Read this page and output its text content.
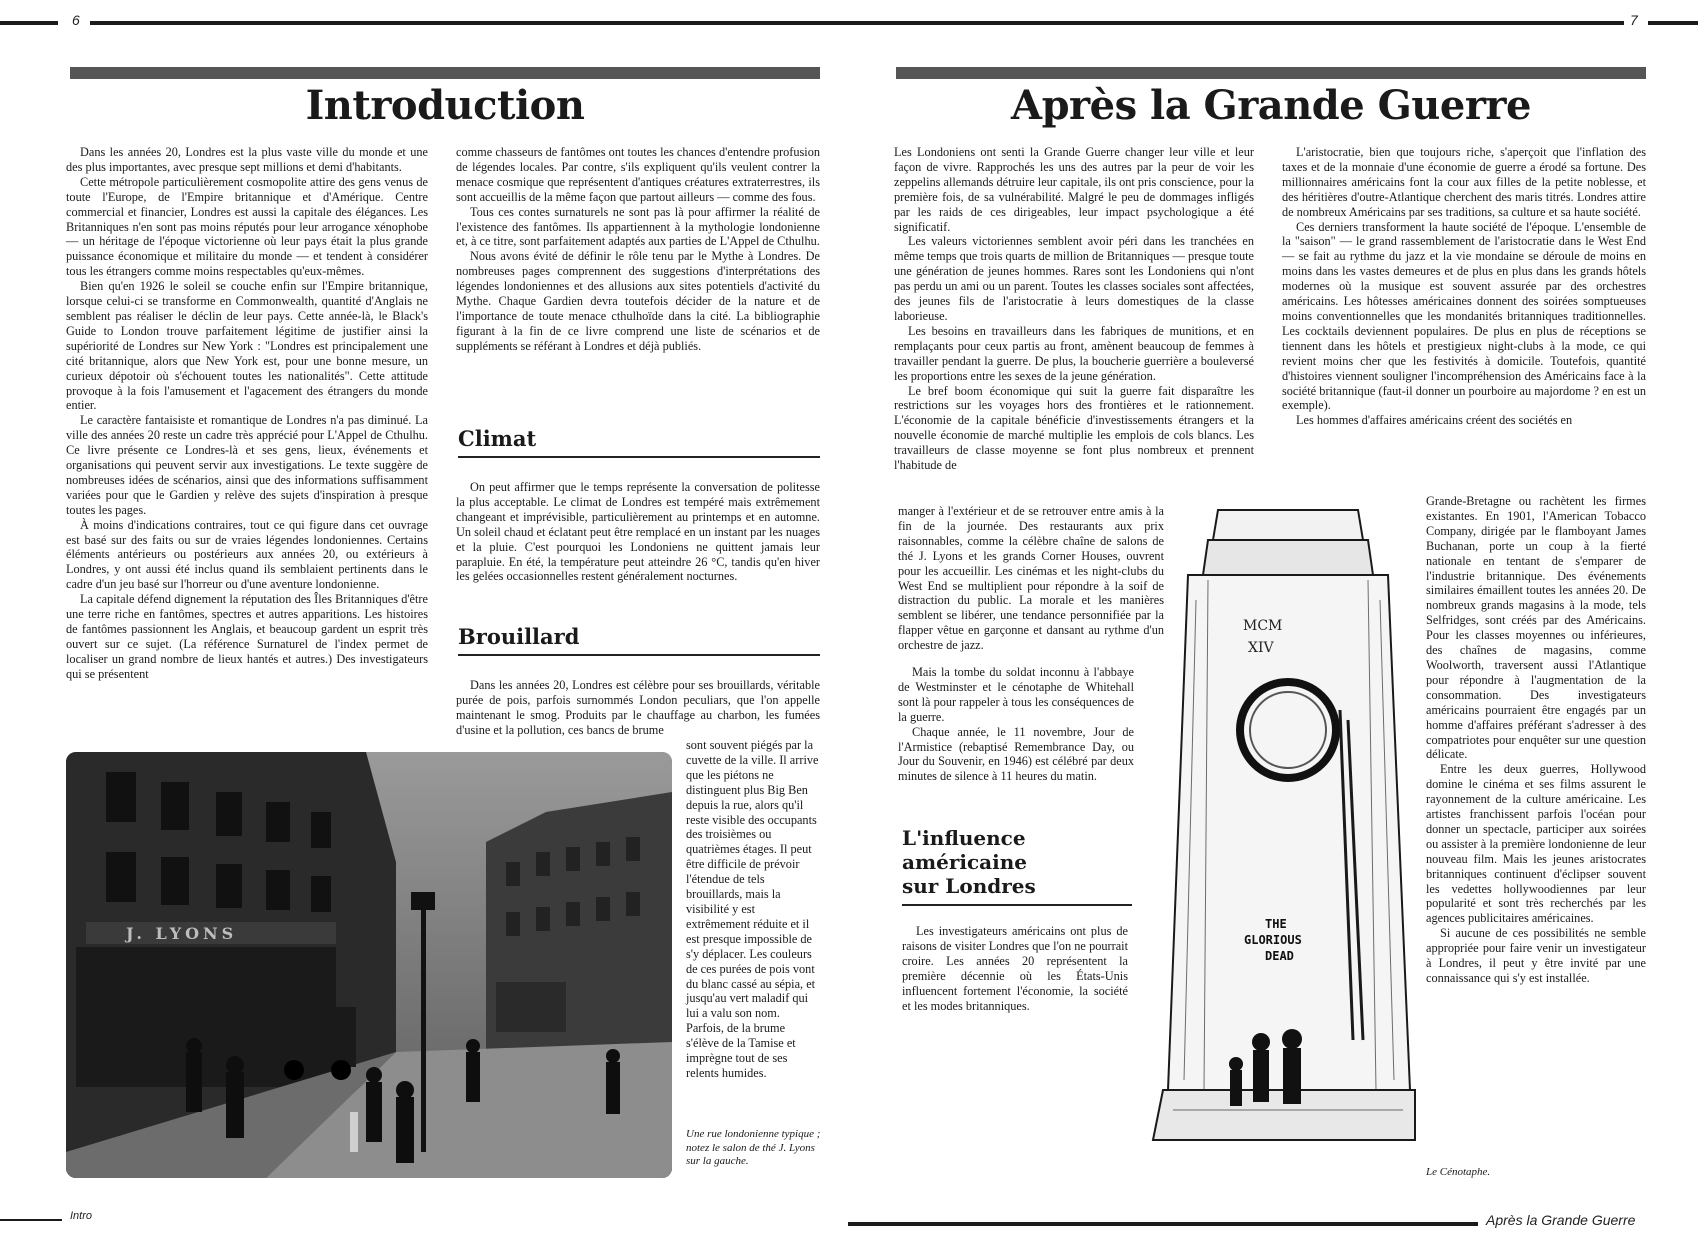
6	7
Introduction

Dans les années 20, Londres est la plus vaste ville du monde et une des plus importantes, avec presque sept millions et demi d'habitants.

Cette métropole particulièrement cosmopolite attire des gens venus de toute l'Europe, de l'Empire britannique et d'Amérique. Centre commercial et financier, Londres est aussi la capitale des élégances. Les Britanniques n'en sont pas moins réputés pour leur arrogance xénophobe — un héritage de l'époque victorienne où leur pays était la plus grande puissance économique et militaire du monde — et tendent à considérer tous les étrangers comme moins respectables qu'eux-mêmes.

Bien qu'en 1926 le soleil se couche enfin sur l'Empire britannique, lorsque celui-ci se transforme en Commonwealth, quantité d'Anglais ne semblent pas réaliser le déclin de leur pays. Cette année-là, le Black's Guide to London trouve parfaitement légitime de justifier ainsi la supériorité de Londres sur New York : "Londres est principalement une cité britannique, alors que New York est, pour une bonne mesure, un curieux dépotoir où s'échouent toutes les nationalités". Cette attitude provoque à la fois l'amusement et l'agacement des étrangers du monde entier.

Le caractère fantaisiste et romantique de Londres n'a pas diminué. La ville des années 20 reste un cadre très apprécié pour L'Appel de Cthulhu. Ce livre présente ce Londres-là et ses gens, lieux, événements et organisations qui peuvent servir aux investigations. Le texte suggère de nombreuses idées de scénarios, ainsi que des informations suffisamment variées pour que le Gardien y relève des sujets d'inspiration à presque toutes les pages.

À moins d'indications contraires, tout ce qui figure dans cet ouvrage est basé sur des faits ou sur de vraies légendes londoniennes. Certains éléments antérieurs ou postérieurs aux années 20, ou extérieurs à Londres, y ont aussi été inclus quand ils semblaient pertinents dans le cadre d'un jeu basé sur l'horreur ou d'une aventure londonienne.

La capitale défend dignement la réputation des Îles Britanniques d'être une terre riche en fantômes, spectres et autres apparitions. Les histoires de fantômes passionnent les Anglais, et beaucoup gardent un esprit très ouvert sur ce sujet. (La référence Surnaturel de l'index permet de localiser un grand nombre de lieux hantés et autres.) Des investigateurs qui se présentent

comme chasseurs de fantômes ont toutes les chances d'entendre profusion de légendes locales. Par contre, s'ils expliquent qu'ils veulent contrer la menace cosmique que représentent d'antiques créatures extraterrestres, ils sont accueillis de la même façon que partout ailleurs — comme des fous.

Tous ces contes surnaturels ne sont pas là pour affirmer la réalité de l'existence des fantômes. Ils appartiennent à la mythologie londonienne et, à ce titre, sont parfaitement adaptés aux parties de L'Appel de Cthulhu.

Nous avons évité de définir le rôle tenu par le Mythe à Londres. De nombreuses pages comprennent des suggestions d'interprétations des légendes londoniennes et des allusions aux sites potentiels d'activité du Mythe. Chaque Gardien devra toutefois décider de la nature et de l'importance de toute menace cthulhoïde dans la cité. La bibliographie figurant à la fin de ce livre comprend une liste de scénarios et de suppléments se référant à Londres et déjà publiés.

Climat

On peut affirmer que le temps représente la conversation de politesse la plus acceptable. Le climat de Londres est tempéré mais extrêmement changeant et imprévisible, particulièrement au printemps et en automne. Un soleil chaud et éclatant peut être remplacé en un instant par les nuages et la pluie. C'est pourquoi les Londoniens ne quittent jamais leur parapluie. En été, la température peut atteindre 26 °C, tandis qu'en hiver les gelées occasionnelles restent généralement nocturnes.

Brouillard

Dans les années 20, Londres est célèbre pour ses brouillards, véritable purée de pois, parfois surnommés London peculiars, que l'on appelle maintenant le smog. Produits par le chauffage au charbon, les fumées d'usine et la pollution, ces bancs de brume

sont souvent piégés par la cuvette de la ville. Il arrive que les piétons ne distinguent plus Big Ben depuis la rue, alors qu'il reste visible des occupants des troisièmes ou quatrièmes étages. Il peut être difficile de prévoir l'étendue de tels brouillards, mais la visibilité y est extrêmement réduite et il est presque impossible de s'y déplacer. Les couleurs de ces purées de pois vont du blanc cassé au sépia, et jusqu'au vert maladif qui lui a valu son nom. Parfois, de la brume s'élève de la Tamise et imprègne tout de ses relents humides.

J. LYONS
Une rue londonienne typique ; notez le salon de thé J. Lyons sur la gauche.
Intro
Après la Grande Guerre

Les Londoniens ont senti la Grande Guerre changer leur ville et leur façon de vivre. Rapprochés les uns des autres par la peur de voir les zeppelins allemands détruire leur capitale, ils ont pris conscience, pour la première fois, de sa vulnérabilité. Malgré le peu de dommages infligés par les raids de ces dirigeables, leur impact psychologique a été significatif.

Les valeurs victoriennes semblent avoir péri dans les tranchées en même temps que trois quarts de million de Britanniques — presque toute une génération de jeunes hommes. Rares sont les Londoniens qui n'ont pas perdu un ami ou un parent. Toutes les classes sociales sont affectées, des jeunes fils de l'aristocratie à leurs domestiques de la classe laborieuse.

Les besoins en travailleurs dans les fabriques de munitions, et en remplaçants pour ceux partis au front, amènent beaucoup de femmes à travailler pendant la guerre. De plus, la boucherie guerrière a bouleversé les proportions entre les sexes de la jeune génération.

Le bref boom économique qui suit la guerre fait disparaître les restrictions sur les voyages hors des frontières et le rationnement. L'économie de la capitale bénéficie d'investissements étrangers et la nouvelle économie de marché multiplie les emplois de cols blancs. Les travailleurs de classe moyenne se font plus nombreux et prennent l'habitude de

manger à l'extérieur et de se retrouver entre amis à la fin de la journée. Des restaurants aux prix raisonnables, comme la célèbre chaîne de salons de thé J. Lyons et les grands Corner Houses, ouvrent pour les accueillir. Les cinémas et les night-clubs du West End se multiplient pour répondre à la soif de distraction du public. La morale et les manières semblent se libérer, une tendance personnifiée par la flapper vêtue en garçonne et dansant au rythme d'un orchestre de jazz.

Mais la tombe du soldat inconnu à l'abbaye de Westminster et le cénotaphe de Whitehall sont là pour rappeler à tous les conséquences de la guerre.

Chaque année, le 11 novembre, Jour de l'Armistice (rebaptisé Remembrance Day, ou Jour du Souvenir, en 1946) est célébré par deux minutes de silence à 11 heures du matin.

L'influence
américaine
sur Londres

Les investigateurs américains ont plus de raisons de visiter Londres que l'on ne pourrait croire. Les années 20 représentent la première décennie où les États-Unis influencent fortement l'économie, la société et les modes britanniques.

L'aristocratie, bien que toujours riche, s'aperçoit que l'inflation des taxes et de la monnaie d'une économie de guerre a érodé sa fortune. Des millionnaires américains font la cour aux filles de la petite noblesse, et des héritières d'outre-Atlantique cherchent des maris titrés. Londres attire de nombreux Américains par ses traditions, sa culture et sa haute société.

Ces derniers transforment la haute société de l'époque. L'ensemble de la "saison" — le grand rassemblement de l'aristocratie dans le West End — se fait au rythme du jazz et la vie mondaine se déroule de moins en moins dans les vastes demeures et de plus en plus dans les grands hôtels modernes où la musique est souvent assurée par des orchestres américains. Les hôtesses américaines donnent des soirées somptueuses moins conventionnelles que les mondanités britanniques traditionnelles. Les cocktails deviennent populaires. De plus en plus de réceptions se tiennent dans les hôtels et prestigieux night-clubs à la mode, ce qui revient moins cher que les festivités à domicile. Toutefois, quantité d'histoires viennent souligner l'incompréhension des Américains face à la société britannique (faut-il donner un pourboire au majordome ? en est un exemple).

Les hommes d'affaires américains créent des sociétés en

Grande-Bretagne ou rachètent les firmes existantes. En 1901, l'American Tobacco Company, dirigée par le flamboyant James Buchanan, porte un coup à la fierté nationale en tentant de s'emparer de l'industrie britannique. Des événements similaires émaillent toutes les années 20. De nombreux grands magasins à la mode, tels Selfridges, sont créés par des Américains. Pour les classes moyennes ou inférieures, des chaînes de magasins, comme Woolworth, traversent aussi l'Atlantique pour répondre à l'augmentation de la consommation. Des investigateurs américains pourraient être engagés par un homme d'affaires préférant s'adresser à des compatriotes pour enquêter sur une question délicate.

Entre les deux guerres, Hollywood domine le cinéma et ses films assurent le rayonnement de la culture américaine. Les artistes franchissent parfois l'océan pour donner un spectacle, participer aux soirées ou assister à la première londonienne de leur nouveau film. Mais les jeunes aristocrates britanniques continuent d'éclipser souvent les vedettes hollywoodiennes par leur popularité et sont très recherchés par les agences publicitaires américaines.

Si aucune de ces possibilités ne semble appropriée pour faire venir un investigateur à Londres, il peut y être invité par une connaissance qui s'y est installée.

MCM
XIV
THE
GLORIOUS
DEAD
Le Cénotaphe.
Après la Grande Guerre
